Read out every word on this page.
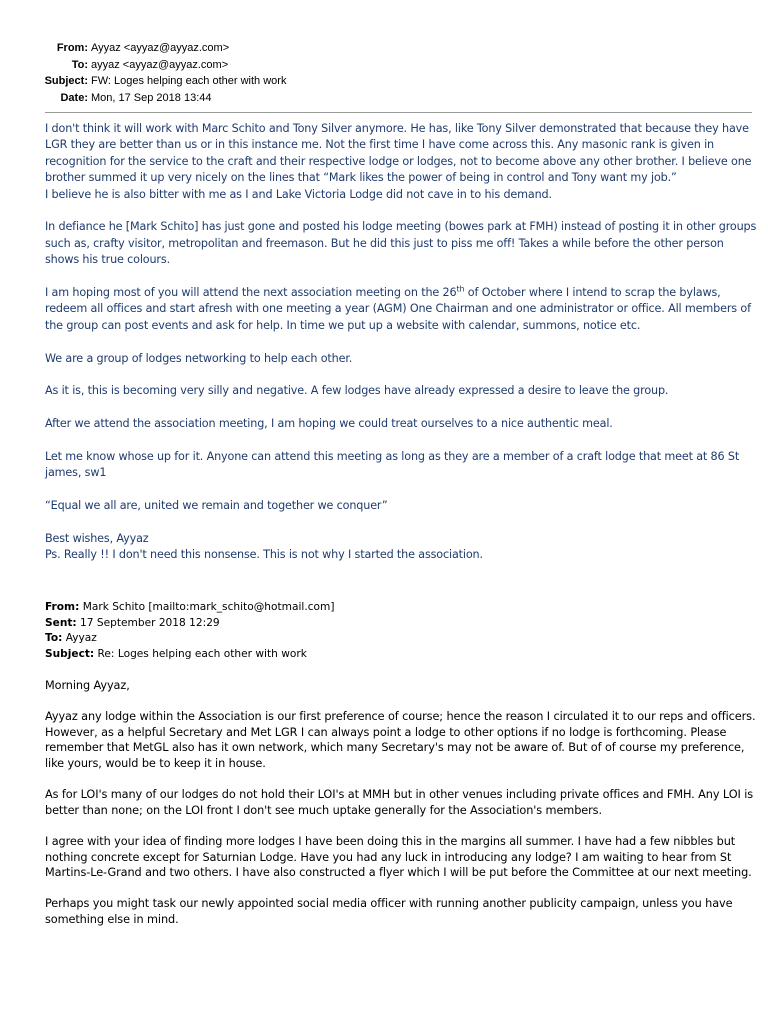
From: Ayyaz <ayyaz@ayyaz.com>
To: ayyaz <ayyaz@ayyaz.com>
Subject: FW: Loges helping each other with work
Date: Mon, 17 Sep 2018 13:44

I don't think it will work with Marc Schito and Tony Silver anymore. He has, like Tony Silver demonstrated that because they have LGR they are better than us or in this instance me. Not the first time I have come across this. Any masonic rank is given in recognition for the service to the craft and their respective lodge or lodges, not to become above any other brother. I believe one brother summed it up very nicely on the lines that “Mark likes the power of being in control and Tony want my job.”

I believe he is also bitter with me as I and Lake Victoria Lodge did not cave in to his demand.

In defiance he [Mark Schito] has just gone and posted his lodge meeting (bowes park at FMH) instead of posting it in other groups such as, crafty visitor, metropolitan and freemason. But he did this just to piss me off! Takes a while before the other person shows his true colours.

I am hoping most of you will attend the next association meeting on the 26th of October where I intend to scrap the bylaws, redeem all offices and start afresh with one meeting a year (AGM) One Chairman and one administrator or office. All members of the group can post events and ask for help. In time we put up a website with calendar, summons, notice etc.

We are a group of lodges networking to help each other.

As it is, this is becoming very silly and negative. A few lodges have already expressed a desire to leave the group.

After we attend the association meeting, I am hoping we could treat ourselves to a nice authentic meal.

Let me know whose up for it. Anyone can attend this meeting as long as they are a member of a craft lodge that meet at 86 St james, sw1

“Equal we all are, united we remain and together we conquer”

Best wishes, Ayyaz

Ps. Really !! I don't need this nonsense. This is not why I started the association.

From: Mark Schito [mailto:mark_schito@hotmail.com]
Sent: 17 September 2018 12:29
To: Ayyaz
Subject: Re: Loges helping each other with work

Morning Ayyaz,

Ayyaz any lodge within the Association is our first preference of course; hence the reason I circulated it to our reps and officers. However, as a helpful Secretary and Met LGR I can always point a lodge to other options if no lodge is forthcoming. Please remember that MetGL also has it own network, which many Secretary's may not be aware of. But of of course my preference, like yours, would be to keep it in house.

As for LOI's many of our lodges do not hold their LOI's at MMH but in other venues including private offices and FMH. Any LOI is better than none; on the LOI front I don't see much uptake generally for the Association's members.

I agree with your idea of finding more lodges I have been doing this in the margins all summer. I have had a few nibbles but nothing concrete except for Saturnian Lodge. Have you had any luck in introducing any lodge? I am waiting to hear from St Martins-Le-Grand and two others. I have also constructed a flyer which I will be put before the Committee at our next meeting.

Perhaps you might task our newly appointed social media officer with running another publicity campaign, unless you have something else in mind.
